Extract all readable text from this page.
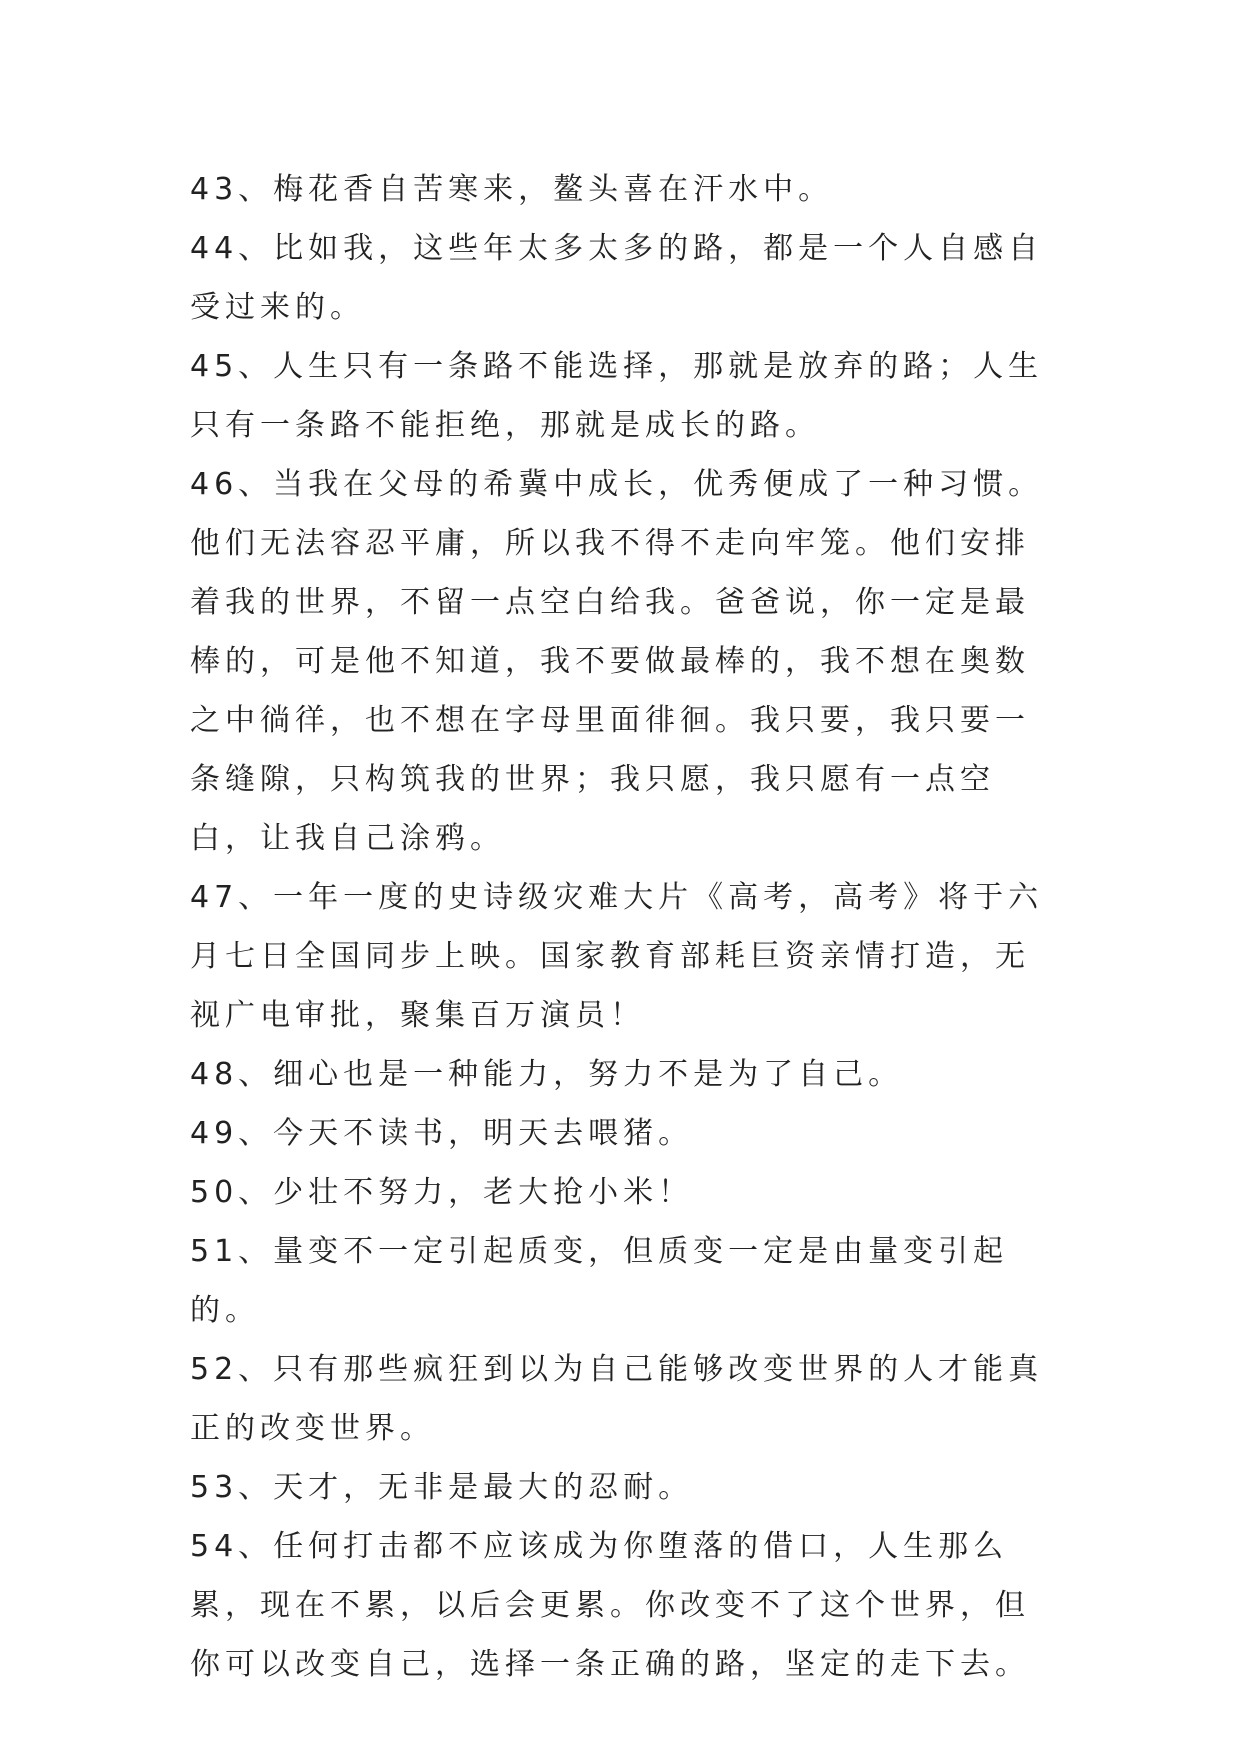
43、梅花香自苦寒来，鳌头喜在汗水中。

44、比如我，这些年太多太多的路，都是一个人自感自受过来的。

45、人生只有一条路不能选择，那就是放弃的路；人生只有一条路不能拒绝，那就是成长的路。

46、当我在父母的希冀中成长，优秀便成了一种习惯。他们无法容忍平庸，所以我不得不走向牢笼。他们安排着我的世界，不留一点空白给我。爸爸说，你一定是最棒的，可是他不知道，我不要做最棒的，我不想在奥数之中徜徉，也不想在字母里面徘徊。我只要，我只要一条缝隙，只构筑我的世界；我只愿，我只愿有一点空白，让我自己涂鸦。

47、一年一度的史诗级灾难大片《高考，高考》将于六月七日全国同步上映。国家教育部耗巨资亲情打造，无视广电审批，聚集百万演员！

48、细心也是一种能力，努力不是为了自己。

49、今天不读书，明天去喂猪。

50、少壮不努力，老大抢小米！

51、量变不一定引起质变，但质变一定是由量变引起的。

52、只有那些疯狂到以为自己能够改变世界的人才能真正的改变世界。

53、天才，无非是最大的忍耐。

54、任何打击都不应该成为你堕落的借口，人生那么累，现在不累，以后会更累。你改变不了这个世界，但你可以改变自己，选择一条正确的路，坚定的走下去。
